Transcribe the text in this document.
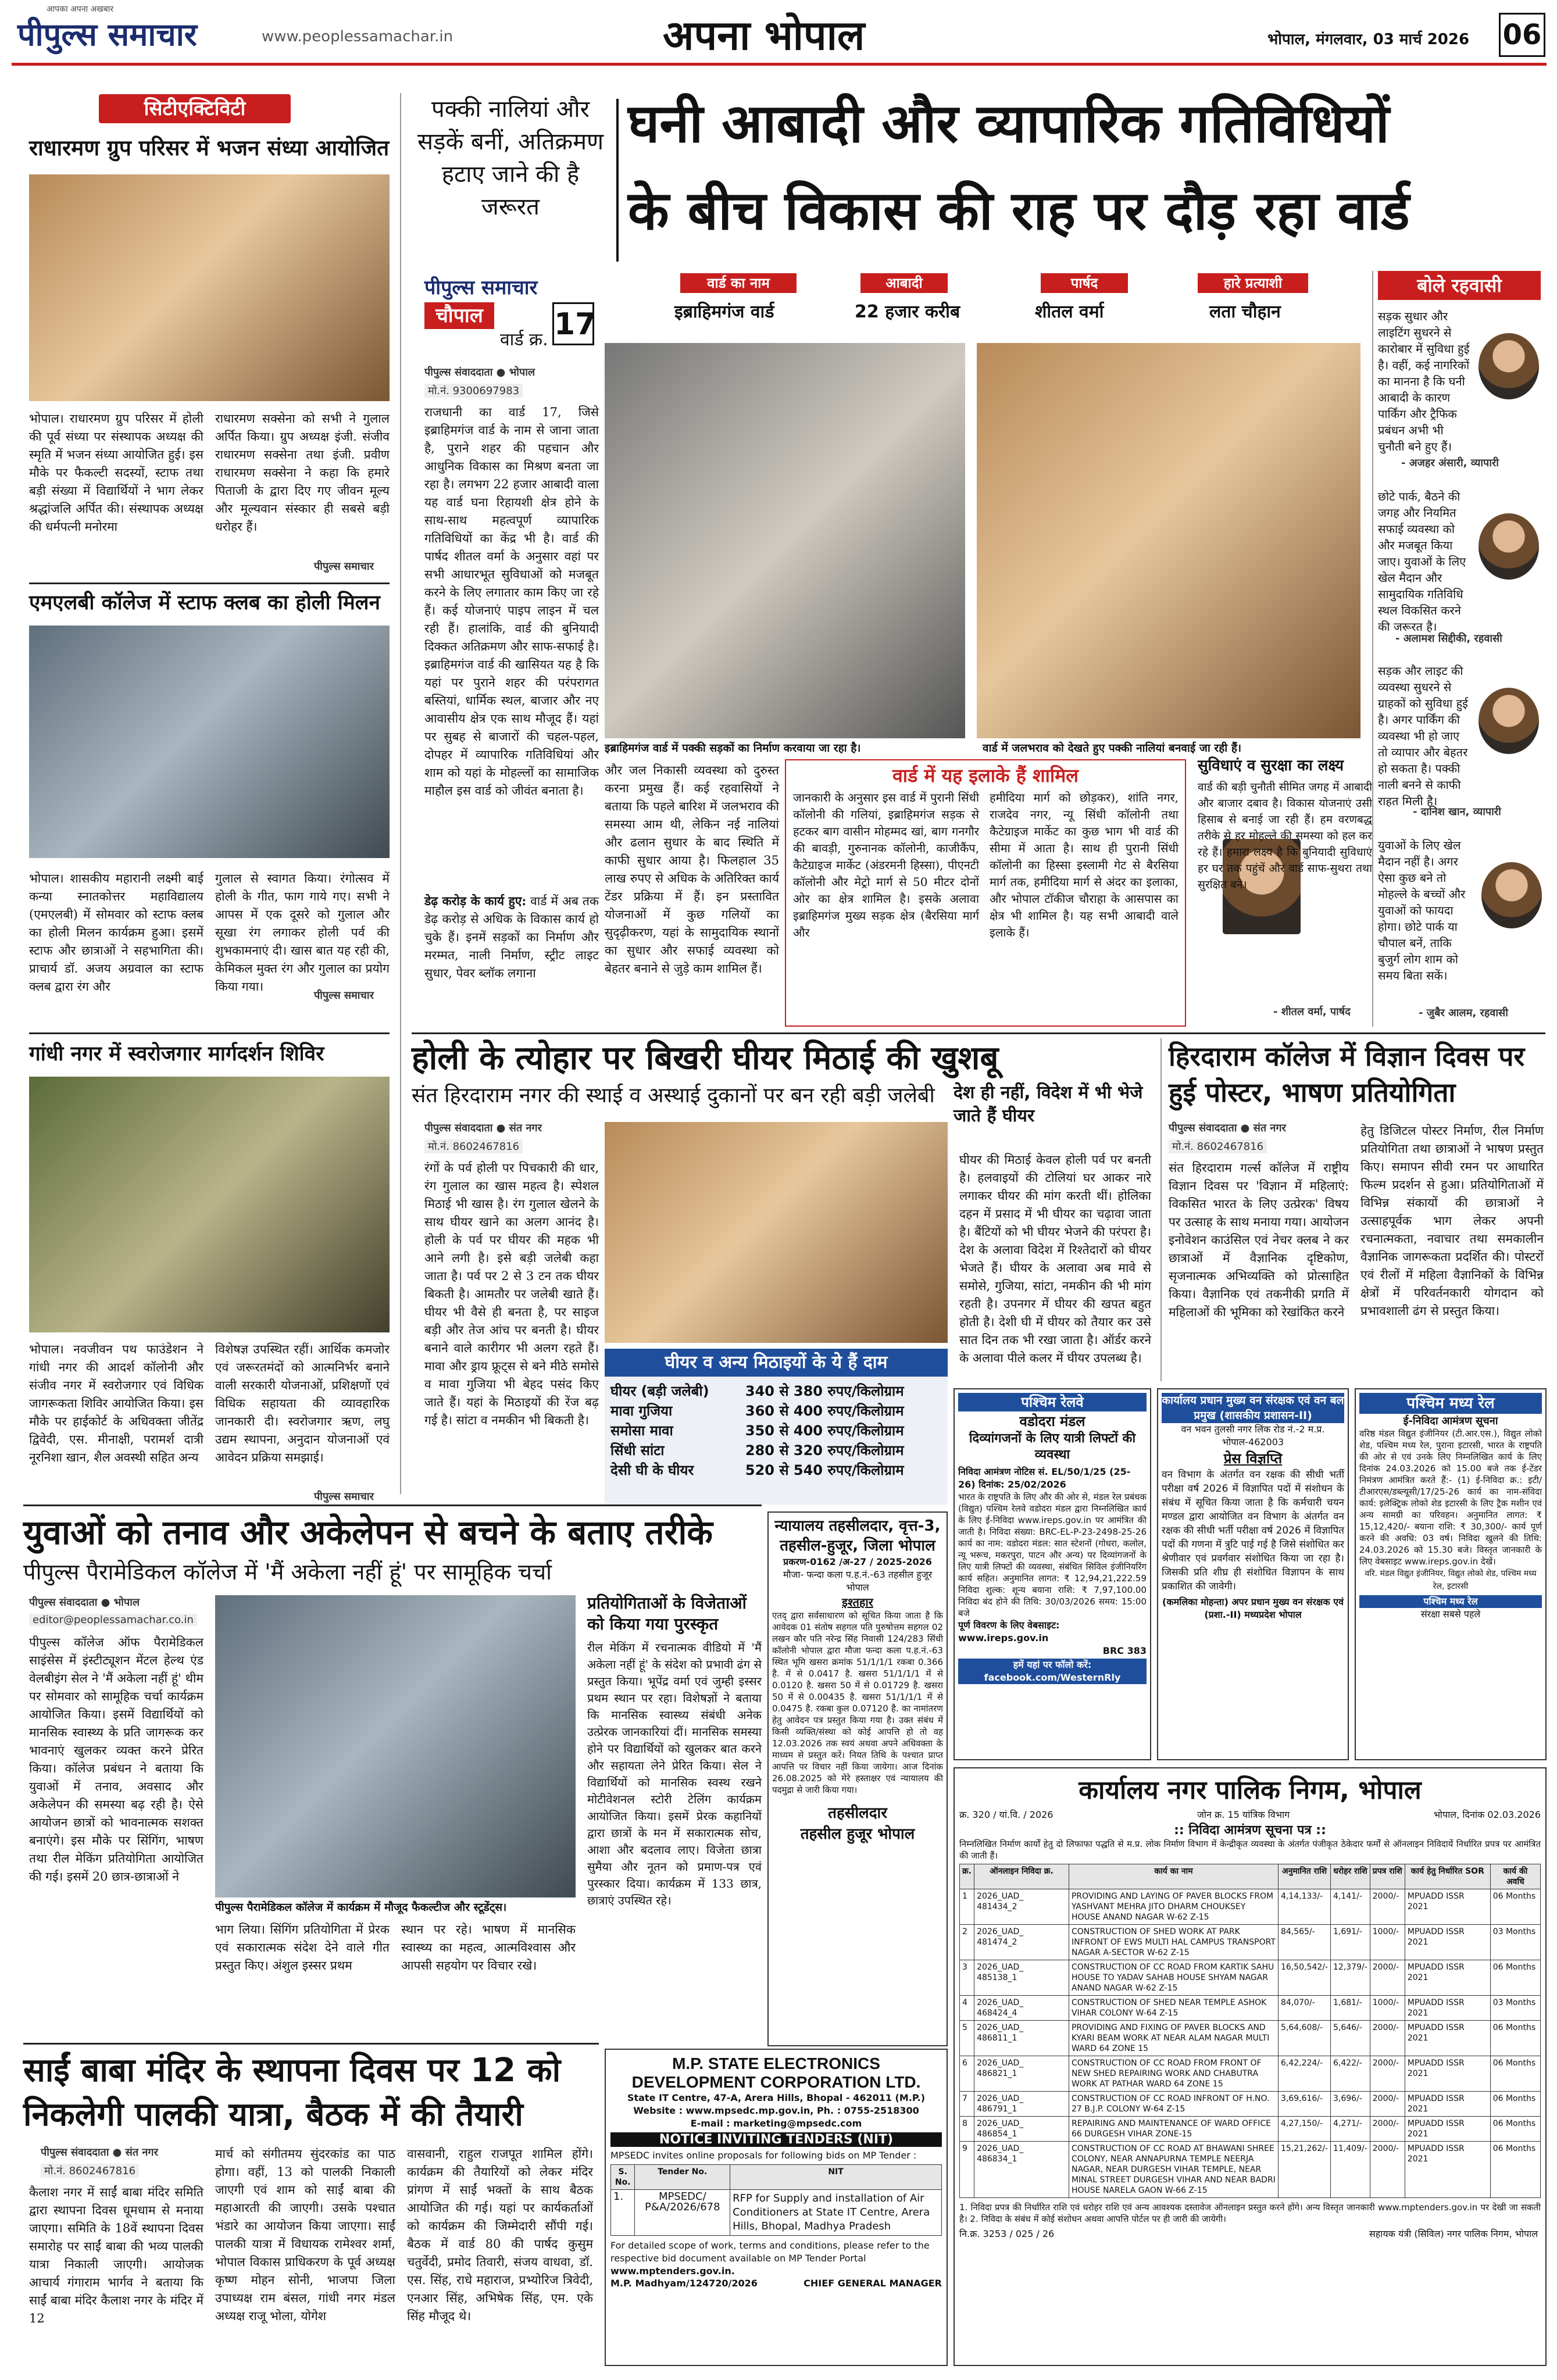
पीपुल्स समाचार
आपका अपना अखबार
www.peoplessamachar.in	अपना भोपाल	भोपाल, मंगलवार, 03 मार्च 2026 06
सिटीएक्टिविटी
राधारमण ग्रुप परिसर में भजन संध्या आयोजित
भोपाल। राधारमण ग्रुप परिसर में होली की पूर्व संध्या पर संस्थापक अध्यक्ष की स्मृति में भजन संध्या आयोजित हुई। इस मौके पर फैकल्टी सदस्यों, स्टाफ तथा बड़ी संख्या में विद्यार्थियों ने भाग लेकर श्रद्धांजलि अर्पित की। संस्थापक अध्यक्ष की धर्मपत्नी मनोरमा
राधारमण सक्सेना को सभी ने गुलाल अर्पित किया। ग्रुप अध्यक्ष इंजी. संजीव राधारमण सक्सेना तथा इंजी. प्रवीण राधारमण सक्सेना ने कहा कि हमारे पिताजी के द्वारा दिए गए जीवन मूल्य और मूल्यवान संस्कार ही सबसे बड़ी धरोहर हैं।
पीपुल्स समाचार
एमएलबी कॉलेज में स्टाफ क्लब का होली मिलन
भोपाल। शासकीय महारानी लक्ष्मी बाई कन्या स्नातकोत्तर महाविद्यालय (एमएलबी) में सोमवार को स्टाफ क्लब का होली मिलन कार्यक्रम हुआ। इसमें स्टाफ और छात्राओं ने सहभागिता की। प्राचार्य डॉ. अजय अग्रवाल का स्टाफ क्लब द्वारा रंग और
गुलाल से स्वागत किया। रंगोत्सव में होली के गीत, फाग गाये गए। सभी ने आपस में एक दूसरे को गुलाल और सूखा रंग लगाकर होली पर्व की शुभकामनाएं दी। खास बात यह रही की, केमिकल मुक्त रंग और गुलाल का प्रयोग किया गया।
पीपुल्स समाचार
गांधी नगर में स्वरोजगार मार्गदर्शन शिविर
भोपाल। नवजीवन पथ फाउंडेशन ने गांधी नगर की आदर्श कॉलोनी और संजीव नगर में स्वरोजगार एवं विधिक जागरूकता शिविर आयोजित किया। इस मौके पर हाईकोर्ट के अधिवक्ता जीतेंद्र द्विवेदी, एस. मीनाक्षी, परामर्श दात्री नूरनिशा खान, शैल अवस्थी सहित अन्य
विशेषज्ञ उपस्थित रहीं। आर्थिक कमजोर एवं जरूरतमंदों को आत्मनिर्भर बनाने वाली सरकारी योजनाओं, प्रशिक्षणों एवं विधिक सहायता की व्यावहारिक जानकारी दी। स्वरोजगार ऋण, लघु उद्यम स्थापना, अनुदान योजनाओं एवं आवेदन प्रक्रिया समझाई।
पीपुल्स समाचार
पक्की नालियां और सड़कें बनीं, अतिक्रमण हटाए जाने की है जरूरत
घनी आबादी और व्यापारिक गतिविधियों
के बीच विकास की राह पर दौड़ रहा वार्ड
पीपुल्स समाचार
चौपाल
वार्ड क्र. 17
वार्ड का नाम
इब्राहिमगंज वार्ड
आबादी
22 हजार करीब
पार्षद
शीतल वर्मा
हारे प्रत्याशी
लता चौहान
पीपुल्स संवाददाता ● भोपाल
मो.नं. 9300697983
राजधानी का वार्ड 17, जिसे इब्राहिमगंज वार्ड के नाम से जाना जाता है, पुराने शहर की पहचान और आधुनिक विकास का मिश्रण बनता जा रहा है। लगभग 22 हजार आबादी वाला यह वार्ड घना रिहायशी क्षेत्र होने के साथ-साथ महत्वपूर्ण व्यापारिक गतिविधियों का केंद्र भी है। वार्ड की पार्षद शीतल वर्मा के अनुसार वहां पर सभी आधारभूत सुविधाओं को मजबूत करने के लिए लगातार काम किए जा रहे हैं। कई योजनाएं पाइप लाइन में चल रही हैं। हालांकि, वार्ड की बुनियादी दिक्कत अतिक्रमण और साफ-सफाई है। इब्राहिमगंज वार्ड की खासियत यह है कि यहां पर पुराने शहर की परंपरागत बस्तियां, धार्मिक स्थल, बाजार और नए आवासीय क्षेत्र एक साथ मौजूद हैं। यहां पर सुबह से बाजारों की चहल-पहल, दोपहर में व्यापारिक गतिविधियां और शाम को यहां के मोहल्लों का सामाजिक माहौल इस वार्ड को जीवंत बनाता है।
इब्राहिमगंज वार्ड में पक्की सड़कों का निर्माण करवाया जा रहा है।	वार्ड में जलभराव को देखते हुए पक्की नालियां बनवाई जा रही हैं।
डेढ़ करोड़ के कार्य हुए: वार्ड में अब तक डेढ़ करोड़ से अधिक के विकास कार्य हो चुके हैं। इनमें सड़कों का निर्माण और मरम्मत, नाली निर्माण, स्ट्रीट लाइट सुधार, पेवर ब्लॉक लगाना
और जल निकासी व्यवस्था को दुरुस्त करना प्रमुख हैं। कई रहवासियों ने बताया कि पहले बारिश में जलभराव की समस्या आम थी, लेकिन नई नालियां और ढलान सुधार के बाद स्थिति में काफी सुधार आया है। फिलहाल 35 लाख रुपए से अधिक के अतिरिक्त कार्य टेंडर प्रक्रिया में हैं। इन प्रस्तावित योजनाओं में कुछ गलियों का सुदृढ़ीकरण, यहां के सामुदायिक स्थानों का सुधार और सफाई व्यवस्था को बेहतर बनाने से जुड़े काम शामिल हैं।
वार्ड में यह इलाके हैं शामिल
जानकारी के अनुसार इस वार्ड में पुरानी सिंधी कॉलोनी की गलियां, इब्राहिमगंज सड़क से हटकर बाग वासीन मोहम्मद खां, बाग गनगौर की बावड़ी, गुरुनानक कॉलोनी, काजीकैंप, कैटेग्राइज मार्केट (अंडरमनी हिस्सा), पीएनटी कॉलोनी और मेट्रो मार्ग से 50 मीटर दोनों ओर का क्षेत्र शामिल है। इसके अलावा इब्राहिमगंज मुख्य सड़क क्षेत्र (बैरसिया मार्ग और
हमीदिया मार्ग को छोड़कर), शांति नगर, राजदेव नगर, न्यू सिंधी कॉलोनी तथा कैटेग्राइज मार्केट का कुछ भाग भी वार्ड की सीमा में आता है। साथ ही पुरानी सिंधी कॉलोनी का हिस्सा इस्लामी गेट से बैरसिया मार्ग तक, हमीदिया मार्ग से अंदर का इलाका, और भोपाल टॉकीज चौराहा के आसपास का क्षेत्र भी शामिल है। यह सभी आबादी वाले इलाके हैं।
सुविधाएं व सुरक्षा का लक्ष्य
वार्ड की बड़ी चुनौती सीमित जगह में आबादी और बाजार दबाव है। विकास योजनाएं उसी हिसाब से बनाई जा रही हैं। हम वरणबद्ध तरीके से हर मोहल्ले की समस्या को हल कर रहे हैं। हमारा लक्ष्य है कि बुनियादी सुविधाएं हर घर तक पहुंचें और वार्ड साफ-सुथरा तथा सुरक्षित बने।
- शीतल वर्मा, पार्षद
बोले रहवासी
सड़क सुधार और लाइटिंग सुधरने से कारोबार में सुविधा हुई है। वहीं, कई नागरिकों का मानना है कि घनी आबादी के कारण पार्किंग और ट्रैफिक प्रबंधन अभी भी चुनौती बने हुए हैं।
- अजहर अंसारी, व्यापारी
छोटे पार्क, बैठने की जगह और नियमित सफाई व्यवस्था को और मजबूत किया जाए। युवाओं के लिए खेल मैदान और सामुदायिक गतिविधि स्थल विकसित करने की जरूरत है।
- अलामश सिद्दीकी, रहवासी
सड़क और लाइट की व्यवस्था सुधरने से ग्राहकों को सुविधा हुई है। अगर पार्किंग की व्यवस्था भी हो जाए तो व्यापार और बेहतर हो सकता है। पक्की नाली बनने से काफी राहत मिली है।
- दानिश खान, व्यापारी
युवाओं के लिए खेल मैदान नहीं है। अगर ऐसा कुछ बने तो मोहल्ले के बच्चों और युवाओं को फायदा होगा। छोटे पार्क या चौपाल बनें, ताकि बुजुर्ग लोग शाम को समय बिता सकें।
- जुबैर आलम, रहवासी
होली के त्योहार पर बिखरी घीयर मिठाई की खुशबू
संत हिरदाराम नगर की स्थाई व अस्थाई दुकानों पर बन रही बड़ी जलेबी	देश ही नहीं, विदेश में भी भेजे जाते हैं घीयर
पीपुल्स संवाददाता ● संत नगर
मो.नं. 8602467816
रंगों के पर्व होली पर पिचकारी की धार, रंग गुलाल का खास महत्व है। स्पेशल मिठाई भी खास है। रंग गुलाल खेलने के साथ घीयर खाने का अलग आनंद है। होली के पर्व पर घीयर की महक भी आने लगी है। इसे बड़ी जलेबी कहा जाता है। पर्व पर 2 से 3 टन तक घीयर बिकती है। आमतौर पर जलेबी खाते हैं। घीयर भी वैसे ही बनता है, पर साइज बड़ी और तेज आंच पर बनती है। घीयर बनाने वाले कारीगर भी अलग रहते हैं। मावा और ड्राय फ्रूट्स से बने मीठे समोसे व मावा गुजिया भी बेहद पसंद किए जाते हैं। यहां के मिठाइयों की रेंज बढ़ गई है। सांटा व नमकीन भी बिकती है।
घीयर व अन्य मिठाइयों के ये हैं दाम
घीयर (बड़ी जलेबी)	340 से 380 रुपए/किलोग्राम
मावा गुजिया	360 से 400 रुपए/किलोग्राम
समोसा मावा	350 से 400 रुपए/किलोग्राम
सिंधी सांटा	280 से 320 रुपए/किलोग्राम
देसी घी के घीयर	520 से 540 रुपए/किलोग्राम
घीयर की मिठाई केवल होली पर्व पर बनती है। हलवाइयों की टोलियां घर आकर नारे लगाकर घीयर की मांग करती थीं। होलिका दहन में प्रसाद में भी घीयर का चढ़ावा जाता है। बैंटियों को भी घीयर भेजने की परंपरा है। देश के अलावा विदेश में रिश्तेदारों को घीयर भेजते हैं। घीयर के अलावा अब मावे से समोसे, गुजिया, सांटा, नमकीन की भी मांग रहती है। उपनगर में घीयर की खपत बहुत होती है। देशी घी में घीयर को तैयार कर उसे सात दिन तक भी रखा जाता है। ऑर्डर करने के अलावा पीले कलर में घीयर उपलब्ध है।
हिरदाराम कॉलेज में विज्ञान दिवस पर हुई पोस्टर, भाषण प्रतियोगिता
पीपुल्स संवाददाता ● संत नगर
मो.नं. 8602467816
संत हिरदाराम गर्ल्स कॉलेज में राष्ट्रीय विज्ञान दिवस पर 'विज्ञान में महिलाएं: विकसित भारत के लिए उत्प्रेरक' विषय पर उत्साह के साथ मनाया गया। आयोजन इनोवेशन काउंसिल एवं नेचर क्लब ने कर छात्राओं में वैज्ञानिक दृष्टिकोण, सृजनात्मक अभिव्यक्ति को प्रोत्साहित किया। वैज्ञानिक एवं तकनीकी प्रगति में महिलाओं की भूमिका को रेखांकित करने
हेतु डिजिटल पोस्टर निर्माण, रील निर्माण प्रतियोगिता तथा छात्राओं ने भाषण प्रस्तुत किए। समापन सीवी रमन पर आधारित फिल्म प्रदर्शन से हुआ। प्रतियोगिताओं में विभिन्न संकायों की छात्राओं ने उत्साहपूर्वक भाग लेकर अपनी रचनात्मकता, नवाचार तथा समकालीन वैज्ञानिक जागरूकता प्रदर्शित की। पोस्टरों एवं रीलों में महिला वैज्ञानिकों के विभिन्न क्षेत्रों में परिवर्तनकारी योगदान को प्रभावशाली ढंग से प्रस्तुत किया।
पश्चिम रेलवे
वडोदरा मंडल
दिव्यांगजनों के लिए यात्री लिफ्टों की व्यवस्था
निविदा आमंत्रण नोटिस सं. EL/50/1/25 (25-26) दिनांक: 25/02/2026
भारत के राष्ट्रपति के लिए और की ओर से, मंडल रेल प्रबंधक (विद्युत) पश्चिम रेलवे वडोदरा मंडल द्वारा निम्नलिखित कार्य के लिए ई-निविदा www.ireps.gov.in पर आमंत्रित की जाती है। निविदा संख्या: BRC-EL-P-23-2498-25-26 कार्य का नाम: वडोदरा मंडल: सात स्टेशनों (गोधरा, कलोल, न्यू भरूच, मकरपुरा, पाटन और अन्य) पर दिव्यांगजनों के लिए यात्री लिफ्टों की व्यवस्था, संबंधित सिविल इंजीनियरिंग कार्य सहित। अनुमानित लागत: ₹ 12,94,21,222.59 निविदा शुल्क: शून्य बयाना राशि: ₹ 7,97,100.00 निविदा बंद होने की तिथि: 30/03/2026 समय: 15:00 बजे
पूर्ण विवरण के लिए वेबसाइट: www.ireps.gov.in
BRC 383
हमें यहां पर फॉलो करें: facebook.com/WesternRly
कार्यालय प्रधान मुख्य वन संरक्षक एवं वन बल प्रमुख (शासकीय प्रशासन-II)
वन भवन तुलसी नगर लिंक रोड नं.-2 म.प्र. भोपाल-462003
प्रेस विज्ञप्ति
वन विभाग के अंतर्गत वन रक्षक की सीधी भर्ती परीक्षा वर्ष 2026 में विज्ञापित पदों में संशोधन के संबंध में सूचित किया जाता है कि कर्मचारी चयन मण्डल द्वारा आयोजित वन विभाग के अंतर्गत वन रक्षक की सीधी भर्ती परीक्षा वर्ष 2026 में विज्ञापित पदों की गणना में त्रुटि पाई गई है जिसे संशोधित कर श्रेणीवार एवं प्रवर्गवार संशोधित किया जा रहा है। जिसकी प्रति शीघ्र ही संशोधित विज्ञापन के साथ प्रकाशित की जावेगी।
(कमलिका मोहन्ता) अपर प्रधान मुख्य वन संरक्षक एवं (प्रशा.-II) मध्यप्रदेश भोपाल
पश्चिम मध्य रेल
ई-निविदा आमंत्रण सूचना
वरिष्ठ मंडल विद्युत इंजीनियर (टी.आर.एस.), विद्युत लोको शेड, पश्चिम मध्य रेल, पुराना इटारसी, भारत के राष्ट्रपति की ओर से एवं उनके लिए निम्नलिखित कार्य के लिए दिनांक 24.03.2026 को 15.00 बजे तक ई-टेंडर निमंत्रण आमंत्रित करते हैं:- (1) ई-निविदा क्र.: इटी/टीआरएस/डब्ल्यूसी/17/25-26 कार्य का नाम-संविदा कार्य: इलेक्ट्रिक लोको शेड इटारसी के लिए ट्रैक मशीन एवं अन्य सामग्री का परिवहन। अनुमानित लागत: ₹ 15,12,420/- बयाना राशि: ₹ 30,300/- कार्य पूर्ण करने की अवधि: 03 वर्ष। निविदा खुलने की तिथि: 24.03.2026 को 15.30 बजे। विस्तृत जानकारी के लिए वेबसाइट www.ireps.gov.in देखें।
वरि. मंडल विद्युत इंजीनियर, विद्युत लोको शेड, पश्चिम मध्य रेल, इटारसी
पश्चिम मध्य रेल
संरक्षा सबसे पहले
युवाओं को तनाव और अकेलेपन से बचने के बताए तरीके
पीपुल्स पैरामेडिकल कॉलेज में 'मैं अकेला नहीं हूं' पर सामूहिक चर्चा
पीपुल्स संवाददाता ● भोपाल
editor@peoplessamachar.co.in
पीपुल्स कॉलेज ऑफ पैरामेडिकल साइंसेस में इंस्टीट्यूशन मेंटल हेल्थ एंड वेलबीइंग सेल ने 'मैं अकेला नहीं हूं' थीम पर सोमवार को सामूहिक चर्चा कार्यक्रम आयोजित किया। इसमें विद्यार्थियों को मानसिक स्वास्थ्य के प्रति जागरूक कर भावनाएं खुलकर व्यक्त करने प्रेरित किया। कॉलेज प्रबंधन ने बताया कि युवाओं में तनाव, अवसाद और अकेलेपन की समस्या बढ़ रही है। ऐसे आयोजन छात्रों को भावनात्मक सशक्त बनाएंगे। इस मौके पर सिंगिंग, भाषण तथा रील मेकिंग प्रतियोगिता आयोजित की गई। इसमें 20 छात्र-छात्राओं ने
पीपुल्स पैरामेडिकल कॉलेज में कार्यक्रम में मौजूद फैकल्टीज और स्टूडेंट्स।
भाग लिया। सिंगिंग प्रतियोगिता में प्रेरक एवं सकारात्मक संदेश देने वाले गीत प्रस्तुत किए। अंशुल इस्सर प्रथम
स्थान पर रहे। भाषण में मानसिक स्वास्थ्य का महत्व, आत्मविश्वास और आपसी सहयोग पर विचार रखे।
प्रतियोगिताओं के विजेताओं को किया गया पुरस्कृत
रील मेकिंग में रचनात्मक वीडियो में 'मैं अकेला नहीं हूं' के संदेश को प्रभावी ढंग से प्रस्तुत किया। भूपेंद्र वर्मा एवं जुम्ही इस्सर प्रथम स्थान पर रहा। विशेषज्ञों ने बताया कि मानसिक स्वास्थ्य संबंधी अनेक उत्प्रेरक जानकारियां दीं। मानसिक समस्या होने पर विद्यार्थियों को खुलकर बात करने और सहायता लेने प्रेरित किया। सेल ने विद्यार्थियों को मानसिक स्वस्थ रखने मोटीवेशनल स्टोरी टेलिंग कार्यक्रम आयोजित किया। इसमें प्रेरक कहानियों द्वारा छात्रों के मन में सकारात्मक सोच, आशा और बदलाव लाए। विजेता छात्रा सुमैया और नूतन को प्रमाण-पत्र एवं पुरस्कार दिया। कार्यक्रम में 133 छात्र, छात्राएं उपस्थित रहे।
न्यायालय तहसीलदार, वृत्त-3, तहसील-हुजूर, जिला भोपाल
प्रकरण-0162 /अ-27 / 2025-2026
मौजा- फन्दा कला प.ह.नं.-63 तहसील हुजूर भोपाल
इश्तहार
एतद् द्वारा सर्वसाधारण को सूचित किया जाता है कि आवेदक 01 संतोष सहगल पति पुरुषोत्तम सहगल 02 लखन कौर पति नरेन्द्र सिंह निवासी 124/283 सिंधी कॉलोनी भोपाल द्वारा मौजा फन्दा कला प.ह.नं.-63 स्थित भूमि खसरा क्रमांक 51/1/1/1 रकबा 0.366 है. में से 0.0417 है. खसरा 51/1/1/1 में से 0.0120 है. खसरा 50 में से 0.01729 है. खसरा 50 में से 0.00435 है. खसरा 51/1/1/1 में से 0.0475 है. रकबा कुल 0.07120 है. का नामांतरण हेतु आवेदन पत्र प्रस्तुत किया गया है। उक्त संबंध में किसी व्यक्ति/संस्था को कोई आपत्ति हो तो वह 12.03.2026 तक स्वयं अथवा अपने अधिवक्ता के माध्यम से प्रस्तुत करें। नियत तिथि के पश्चात प्राप्त आपत्ति पर विचार नहीं किया जायेगा। आज दिनांक 26.08.2025 को मेरे हस्ताक्षर एवं न्यायालय की पदमुद्रा से जारी किया गया।
तहसीलदार
तहसील हुजूर भोपाल
कार्यालय नगर पालिक निगम, भोपाल
क्र. 320 / यां.वि. / 2026	जोन क्र. 15 यांत्रिक विभाग	भोपाल, दिनांक 02.03.2026
:: निविदा आमंत्रण सूचना पत्र ::
निम्नलिखित निर्माण कार्यों हेतु दो लिफाफा पद्धति से म.प्र. लोक निर्माण विभाग में केन्द्रीकृत व्यवस्था के अंतर्गत पंजीकृत ठेकेदार फर्मों से ऑनलाइन निविदायें निर्धारित प्रपत्र पर आमंत्रित की जाती हैं।
क्र.	ऑनलाइन निविदा क्र.	कार्य का नाम	अनुमानित राशि	धरोहर राशि	प्रपत्र राशि	कार्य हेतु निर्धारित SOR	कार्य की अवधि
1	2026_UAD_ 481434_2	PROVIDING AND LAYING OF PAVER BLOCKS FROM YASHVANT MEHRA JITO DHARM CHOUKSEY HOUSE ANAND NAGAR W-62 Z-15	4,14,133/-	4,141/-	2000/-	MPUADD ISSR 2021	06 Months
2	2026_UAD_ 481474_2	CONSTRUCTION OF SHED WORK AT PARK INFRONT OF EWS MULTI HAL CAMPUS TRANSPORT NAGAR A-SECTOR W-62 Z-15	84,565/-	1,691/-	1000/-	MPUADD ISSR 2021	03 Months
3	2026_UAD_ 485138_1	CONSTRUCTION OF CC ROAD FROM KARTIK SAHU HOUSE TO YADAV SAHAB HOUSE SHYAM NAGAR ANAND NAGAR W-62 Z-15	16,50,542/-	12,379/-	2000/-	MPUADD ISSR 2021	06 Months
4	2026_UAD_ 468424_4	CONSTRUCTION OF SHED NEAR TEMPLE ASHOK VIHAR COLONY W-64 Z-15	84,070/-	1,681/-	1000/-	MPUADD ISSR 2021	03 Months
5	2026_UAD_ 486811_1	PROVIDING AND FIXING OF PAVER BLOCKS AND KYARI BEAM WORK AT NEAR ALAM NAGAR MULTI WARD 64 ZONE 15	5,64,608/-	5,646/-	2000/-	MPUADD ISSR 2021	06 Months
6	2026_UAD_ 486821_1	CONSTRUCTION OF CC ROAD FROM FRONT OF NEW SHED REPAIRING WORK AND CHABUTRA WORK AT PATHAR WARD 64 ZONE 15	6,42,224/-	6,422/-	2000/-	MPUADD ISSR 2021	06 Months
7	2026_UAD_ 486791_1	CONSTRUCTION OF CC ROAD INFRONT OF H.NO. 27 B.J.P. COLONY W-64 Z-15	3,69,616/-	3,696/-	2000/-	MPUADD ISSR 2021	06 Months
8	2026_UAD_ 486854_1	REPAIRING AND MAINTENANCE OF WARD OFFICE 66 DURGESH VIHAR ZONE-15	4,27,150/-	4,271/-	2000/-	MPUADD ISSR 2021	06 Months
9	2026_UAD_ 486834_1	CONSTRUCTION OF CC ROAD AT BHAWANI SHREE COLONY, NEAR ANNAPURNA TEMPLE NEERJA NAGAR, NEAR DURGESH VIHAR TEMPLE, NEAR MINAL STREET DURGESH VIHAR AND NEAR BADRI HOUSE NARELA GAON W-66 Z-15	15,21,262/-	11,409/-	2000/-	MPUADD ISSR 2021	06 Months
1. निविदा प्रपत्र की निर्धारित राशि एवं धरोहर राशि एवं अन्य आवश्यक दस्तावेज ऑनलाइन प्रस्तुत करने होंगे। अन्य विस्तृत जानकारी www.mptenders.gov.in पर देखी जा सकती है। 2. निविदा के संबंध में कोई संशोधन अथवा आपत्ति पोर्टल पर ही जारी की जायेगी।
नि.क्र. 3253 / 025 / 26	सहायक यंत्री (सिविल) नगर पालिक निगम, भोपाल
साईं बाबा मंदिर के स्थापना दिवस पर 12 को निकलेगी पालकी यात्रा, बैठक में की तैयारी
पीपुल्स संवाददाता ● संत नगर
मो.नं. 8602467816
कैलाश नगर में साईं बाबा मंदिर समिति द्वारा स्थापना दिवस धूमधाम से मनाया जाएगा। समिति के 18वें स्थापना दिवस समारोह पर साईं बाबा की भव्य पालकी यात्रा निकाली जाएगी। आयोजक आचार्य गंगाराम भार्गव ने बताया कि साईं बाबा मंदिर कैलाश नगर के मंदिर में 12
मार्च को संगीतमय सुंदरकांड का पाठ होगा। वहीं, 13 को पालकी निकाली जाएगी एवं शाम को साईं बाबा की महाआरती की जाएगी। उसके पश्चात भंडारे का आयोजन किया जाएगा। साईं पालकी यात्रा में विधायक रामेश्वर शर्मा, भोपाल विकास प्राधिकरण के पूर्व अध्यक्ष कृष्ण मोहन सोनी, भाजपा जिला उपाध्यक्ष राम बंसल, गांधी नगर मंडल अध्यक्ष राजू भोला, योगेश
वासवानी, राहुल राजपूत शामिल होंगे। कार्यक्रम की तैयारियों को लेकर मंदिर प्रांगण में साईं भक्तों के साथ बैठक आयोजित की गई। यहां पर कार्यकर्ताओं को कार्यक्रम की जिम्मेदारी सौंपी गई। बैठक में वार्ड 80 की पार्षद कुसुम चतुर्वेदी, प्रमोद तिवारी, संजय वाधवा, डॉ. एस. सिंह, राधे महाराज, प्रभ्योरिज त्रिवेदी, एनआर सिंह, अभिषेक सिंह, एम. एके सिंह मौजूद थे।
M.P. STATE ELECTRONICS
DEVELOPMENT CORPORATION LTD.
State IT Centre, 47-A, Arera Hills, Bhopal - 462011 (M.P.)
Website : www.mpsedc.mp.gov.in, Ph. : 0755-2518300
E-mail : marketing@mpsedc.com
NOTICE INVITING TENDERS (NIT)
MPSEDC invites online proposals for following bids on MP Tender :
S. No.	Tender No.	NIT
1.	MPSEDC/ P&A/2026/678	RFP for Supply and installation of Air Conditioners at State IT Centre, Arera Hills, Bhopal, Madhya Pradesh
For detailed scope of work, terms and conditions, please refer to the respective bid document available on MP Tender Portal
www.mptenders.gov.in.
M.P. Madhyam/124720/2026	CHIEF GENERAL MANAGER
